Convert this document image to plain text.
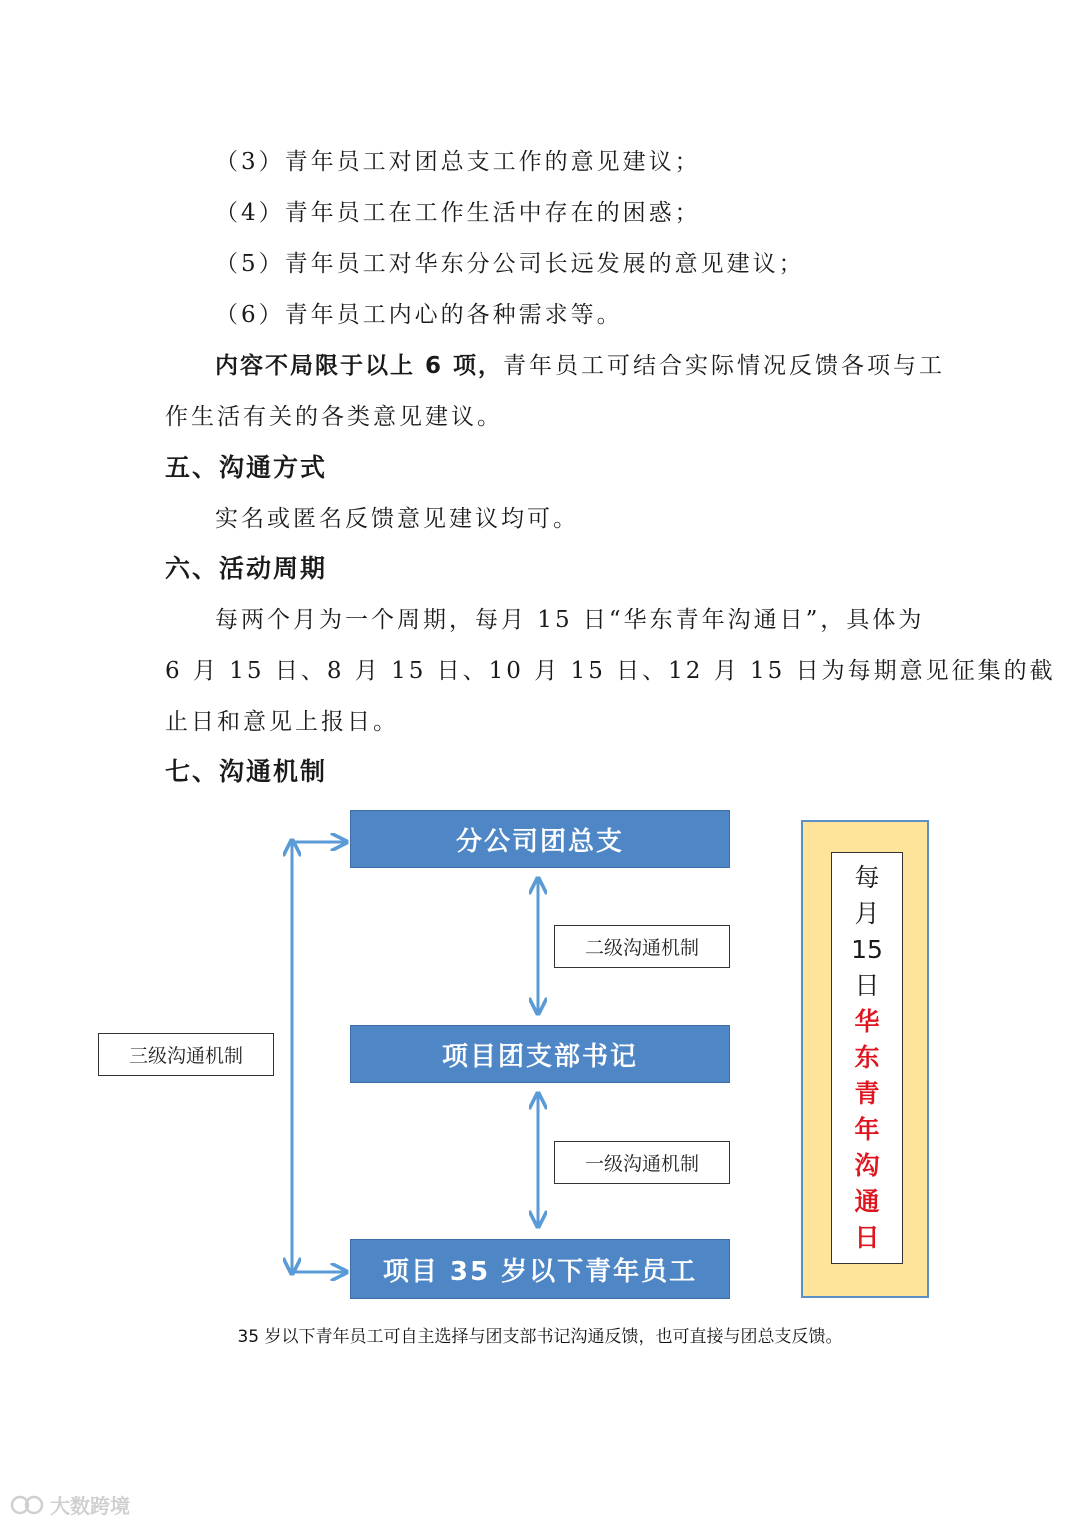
（3）青年员工对团总支工作的意见建议；
（4）青年员工在工作生活中存在的困惑；
（5）青年员工对华东分公司长远发展的意见建议；
（6）青年员工内心的各种需求等。
内容不局限于以上 6 项，青年员工可结合实际情况反馈各项与工
作生活有关的各类意见建议。
五、沟通方式
实名或匿名反馈意见建议均可。
六、活动周期
每两个月为一个周期，每月 15 日“华东青年沟通日”，具体为
6 月 15 日、8 月 15 日、10 月 15 日、12 月 15 日为每期意见征集的截
止日和意见上报日。
七、沟通机制
分公司团总支
项目团支部书记
项目 35 岁以下青年员工
二级沟通机制
一级沟通机制
三级沟通机制
每
月
15
日
华
东
青
年
沟
通
日
35 岁以下青年员工可自主选择与团支部书记沟通反馈，也可直接与团总支反馈。
大数跨境
